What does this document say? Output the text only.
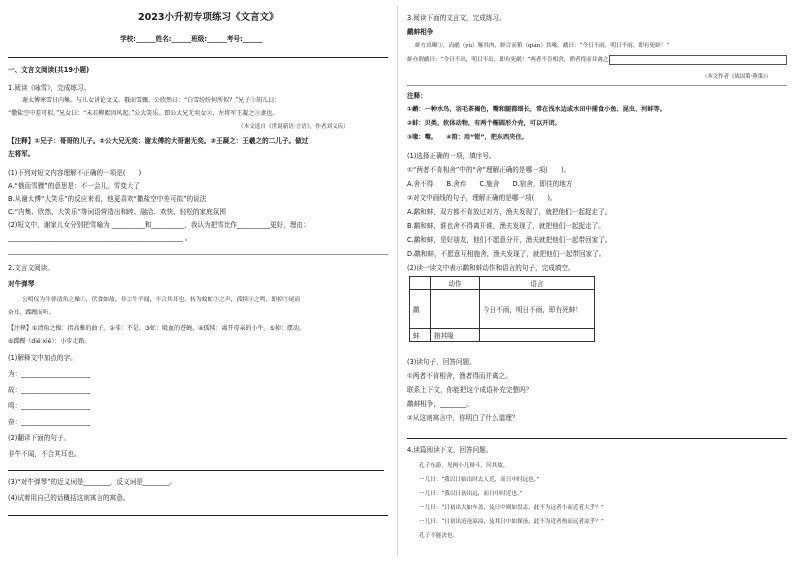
2023小升初专项练习《文言文》
学校:______姓名:______班级:______考号:______
一、文言文阅读(共19小题)
1.阅读《咏雪》，完成练习。
谢太傅寒雪日内集，与儿女讲论文义。俄而雪骤，公欣然曰：“白雪纷纷何所似？”兄子①胡儿曰：
“撒盐空中差可拟。”兄女曰：“未若柳絮因风起。”公大笑乐。即公大兄无奕女②，左将军王凝之③妻也。
（本文选自《世说新语·言语》，作者刘义庆）
【注释】①兄子：哥哥的儿子。②公大兄无奕：谢太傅的大哥谢无奕。③王凝之：王羲之的二儿子。做过
左将军。
(1)下列对短文内容理解不正确的一项是(　　)
A.“俄而雪骤”的意思是：不一会儿，雪变大了
B.从谢太傅“大笑乐”的反应来看，他更喜欢“撒盐空中差可拟”的说法
C.“内集、欣然、大笑乐”等词语营造出和睦、融洽、欢快、轻松的家庭氛围
(2)短文中，谢家儿女分别把雪喻为 __________和__________，我认为把雪比作__________更好，理由：
_____________________________________________________ 。
2.文言文阅读。
对牛弹琴
公明仪为牛弹清角之操①，伏食如故。非②牛不闻，不合其耳也。转为蚊虻③之声，孤犊④之鸣，即掉⑤尾而
奋耳，蹀躞而听。
【注释】①清角之操：指高雅的曲子。②非：不是。③虻：吸血的苍蝇。④孤犊：离开母亲的小牛。⑤掉：摆动。
⑥蹀躞（dié xiè）：小步走路。
(1)解释文中加点的字。
为：_____________________
故：_____________________
鸣：_____________________
奋：_____________________
(2)翻译下面的句子。
非牛不闻，不合其耳也。
(3)“对牛弹琴”的近义词是________，反义词是________。
(4)试着用自己的话概括这则寓言的寓意。
3.阅读下面的文言文，完成练习。
鹬蚌相争
蚌方出曝①，而鹬（yù）啄其肉，蚌合而箝（qián）其喙。鹬曰：“今日不雨，明日不雨，即有死蚌！”
蚌亦谓鹬曰：“今日不出，明日不出，即有死鹬！”两者不肯相舍，渔者得而并禽之。
（本文作者《战国策·燕策》）
注释：
①鹬：一种水鸟，羽毛茶褐色，嘴和腿都细长，常在浅水边或水田中捕食小鱼、昆虫、河蚌等。
②蚌：贝类，软体动物，有两个椭圆形介壳，可以开闭。
③喙：嘴。　　④箝：用“钳”，把东西夹住。
(1)选择正确的一项，填序号。
①“两者不肯相舍”中的“舍”理解正确的是哪一项(　　)。
A.舍不得　　B.舍弃　　C.施舍　　D.宿舍，即住的地方
②对文中画线的句子，理解正确的是哪一项(　　)。
A.鹬和蚌，双方都不肯放过对方，渔夫发现了，就把他们一起捉走了。
B.鹬和蚌，谁也舍不得离开谁，渔夫发现了，就把他们一起捉走了。
C.鹬和蚌，是好朋友，他们不愿意分开，渔夫就把他们一起带回家了。
D.鹬和蚌，不愿意互相施舍，渔夫发现了，就把他们一起带回家了。
(2)读一读文中表示鹬和蚌动作和语言的句子，完成填空。
	动作	语言
鹬		今日不雨，明日不雨，即有死蚌！
蚌	箝其喙	
(3)读句子，回答问题。
①两者不肯相舍，渔者得而并禽之。
联系上下文，你能把这个成语补充完整吗？
鹬蚌相争，________。
②从这则寓言中，你明白了什么道理？
4.读篇阅读下文，回答问题。
孔子东游，见两小儿辩斗，问其故。
一儿曰：“我以日始出时去人近，而日中时远也。”
一儿曰：“我以日初出远，而日中时近也。”
一儿曰：“日初出大如车盖，及日中则如盘盂，此不为远者小而近者大乎？”
一儿曰：“日初出沧沧凉凉，及其日中如探汤，此不为近者热而远者凉乎？”
孔子不能决也。
